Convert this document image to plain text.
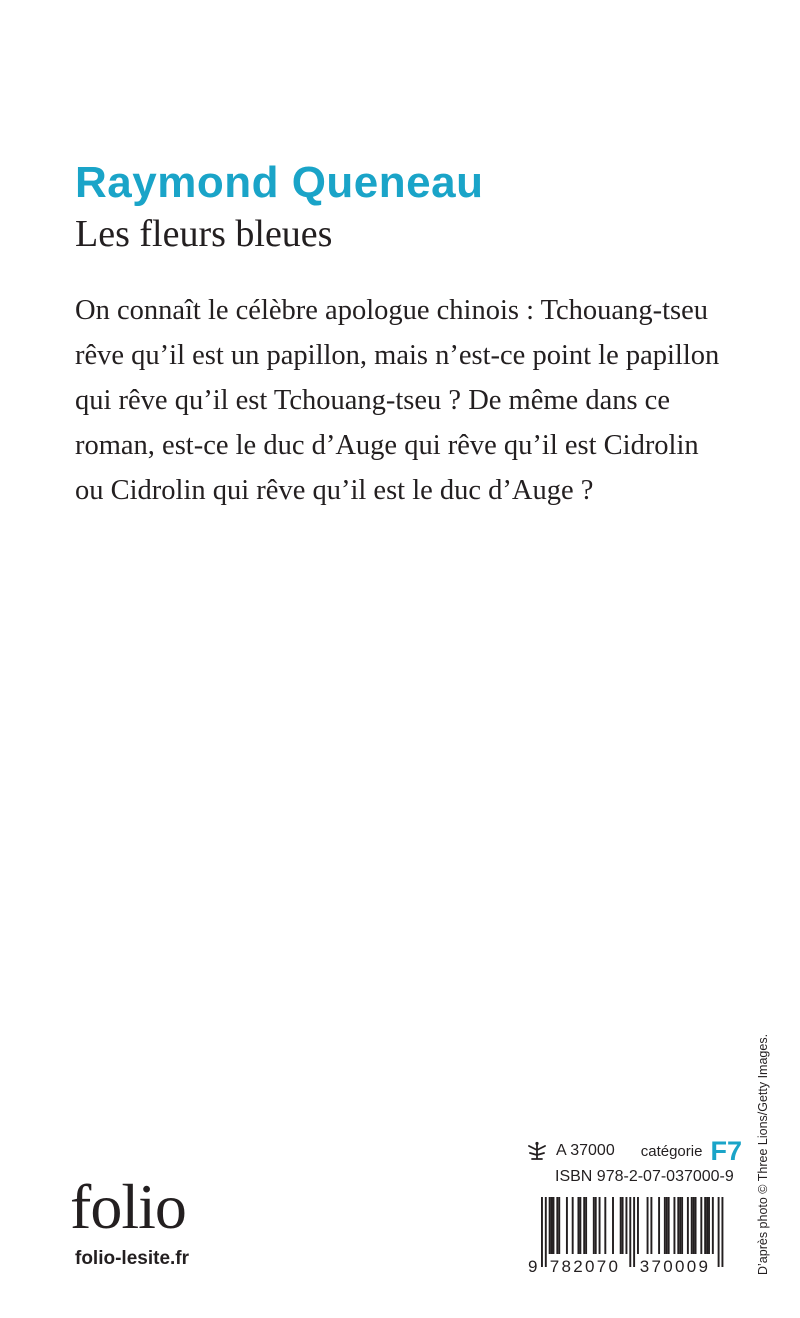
Raymond Queneau
Les fleurs bleues
On connaît le célèbre apologue chinois : Tchouang-tseu
rêve qu’il est un papillon, mais n’est-ce point le papillon
qui rêve qu’il est Tchouang-tseu ? De même dans ce
roman, est-ce le duc d’Auge qui rêve qu’il est Cidrolin
ou Cidrolin qui rêve qu’il est le duc d’Auge ?
D’après photo © Three Lions/Getty Images.
A 37000 catégorie F7
ISBN 978-2-07-037000-9
9 782070 370009
folio
folio-lesite.fr
